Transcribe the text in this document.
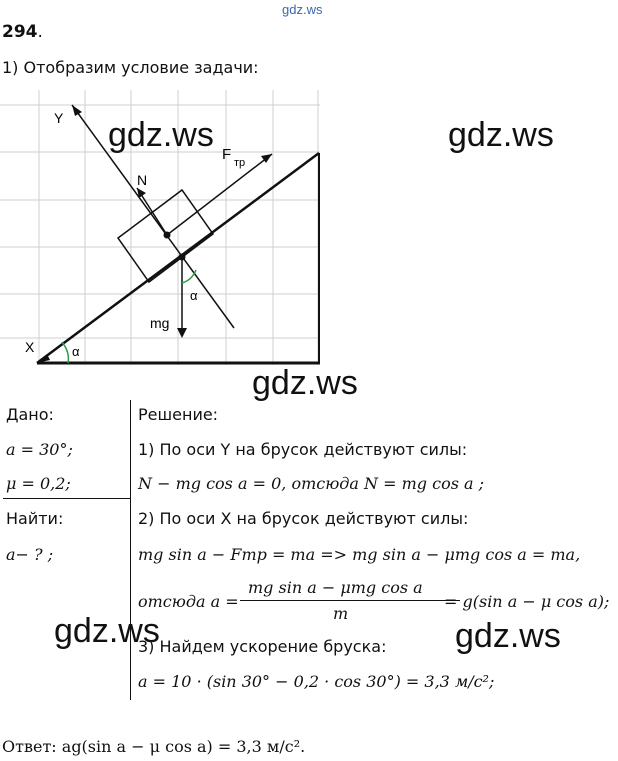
gdz.ws
294.
1) Отобразим условие задачи:
Y
N
F тр
α
mg
X	α
gdz.ws	gdz.ws
gdz.ws
Дано:
a = 30°;
μ = 0,2;
Найти:
a− ? ;
Решение:
1) По оси Y на брусок действуют силы:
N − mg cos a = 0, отсюда N = mg cos a ;
2) По оси X на брусок действуют силы:
mg sin a − Fтр = ma => mg sin a − μmg cos a = ma,
отсюда a =
mg sin a − μmg cos a
m
= g(sin a − μ cos a);
3) Найдем ускорение бруска:
a = 10 · (sin 30° − 0,2 · cos 30°) = 3,3 м/с²;
gdz.ws	gdz.ws
Ответ: ag(sin a − μ cos a) = 3,3 м/с².
